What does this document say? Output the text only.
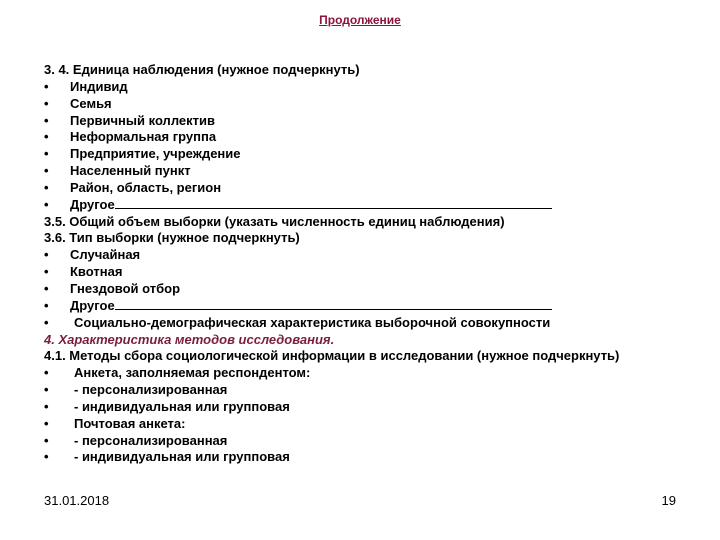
Продолжение
3. 4. Единица наблюдения (нужное подчеркнуть)
• Индивид
• Семья
• Первичный коллектив
• Неформальная группа
• Предприятие, учреждение
• Населенный пункт
• Район, область, регион
• Другое
3.5. Общий объем выборки (указать численность единиц наблюдения)
3.6. Тип выборки (нужное подчеркнуть)
• Случайная
• Квотная
• Гнездовой отбор
• Другое
• Социально-демографическая характеристика выборочной совокупности
4. Характеристика методов исследования.
4.1. Методы сбора социологической информации в исследовании (нужное подчеркнуть)
• Анкета, заполняемая респондентом:
• - персонализированная
• - индивидуальная или групповая
• Почтовая анкета:
• - персонализированная
• - индивидуальная или групповая
31.01.2018	19
